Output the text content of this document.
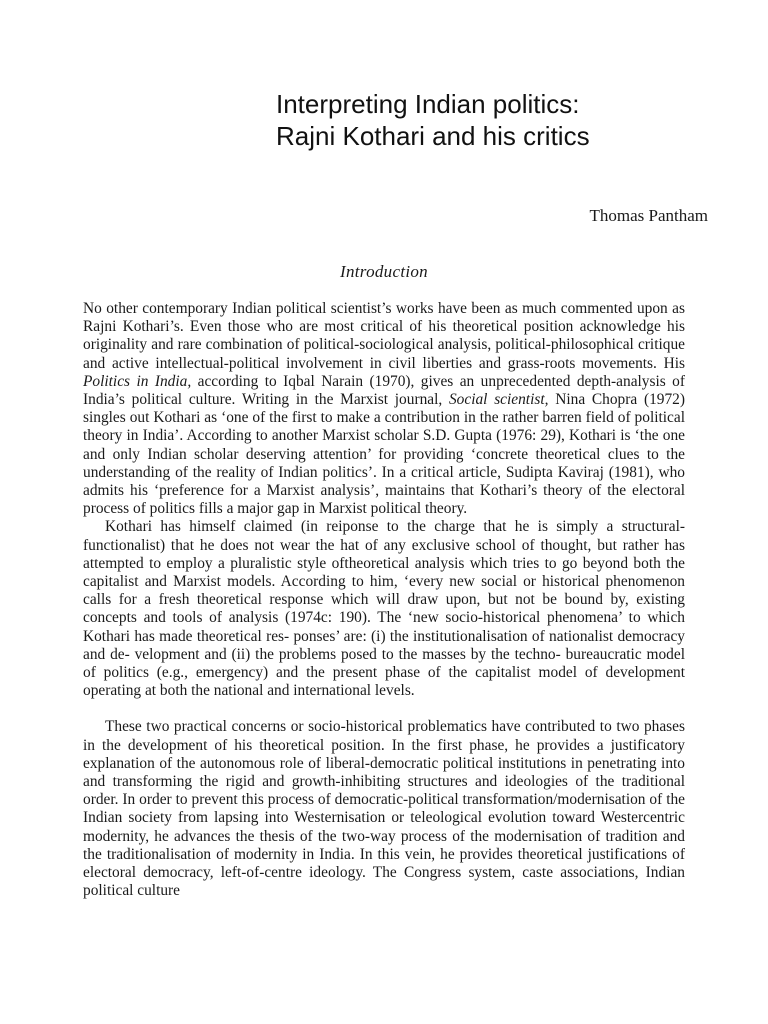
Interpreting Indian politics:
Rajni Kothari and his critics
Thomas Pantham
Introduction

No other contemporary Indian political scientist’s works have been as much commented upon as Rajni Kothari’s. Even those who are most critical of his theoretical position acknowledge his originality and rare combination of political-sociological analysis, political-philosophical critique and active intellectual-political involvement in civil liberties and grass-roots movements. His Politics in India, according to Iqbal Narain (1970), gives an unprecedented depth-analysis of India’s political culture. Writing in the Marxist journal, Social scientist, Nina Chopra (1972) singles out Kothari as ‘one of the first to make a contribution in the rather barren field of political theory in India’. According to another Marxist scholar S.D. Gupta (1976: 29), Kothari is ‘the one and only Indian scholar deserving attention’ for providing ‘concrete theoretical clues to the understanding of the reality of Indian politics’. In a critical article, Sudipta Kaviraj (1981), who admits his ‘preference for a Marxist analysis’, maintains that Kothari’s theory of the electoral process of politics fills a major gap in Marxist political theory.

Kothari has himself claimed (in reiponse to the charge that he is simply a structural-functionalist) that he does not wear the hat of any exclusive school of thought, but rather has attempted to employ a pluralistic style oftheoretical analysis which tries to go beyond both the capitalist and Marxist models. According to him, ‘every new social or historical phenomenon calls for a fresh theoretical response which will draw upon, but not be bound by, existing concepts and tools of analysis (1974c: 190). The ‘new socio-historical phenomena’ to which Kothari has made theoretical res- ponses’ are: (i) the institutionalisation of nationalist democracy and de- velopment and (ii) the problems posed to the masses by the techno- bureaucratic model of politics (e.g., emergency) and the present phase of the capitalist model of development operating at both the national and international levels.

These two practical concerns or socio-historical problematics have contributed to two phases in the development of his theoretical position. In the first phase, he provides a justificatory explanation of the autonomous role of liberal-democratic political institutions in penetrating into and transforming the rigid and growth-inhibiting structures and ideologies of the traditional order. In order to prevent this process of democratic-political transformation/modernisation of the Indian society from lapsing into Westernisation or teleological evolution toward Westercentric modernity, he advances the thesis of the two-way process of the modernisation of tradition and the traditionalisation of modernity in India. In this vein, he provides theoretical justifications of electoral democracy, left-of-centre ideology. The Congress system, caste associations, Indian political culture
